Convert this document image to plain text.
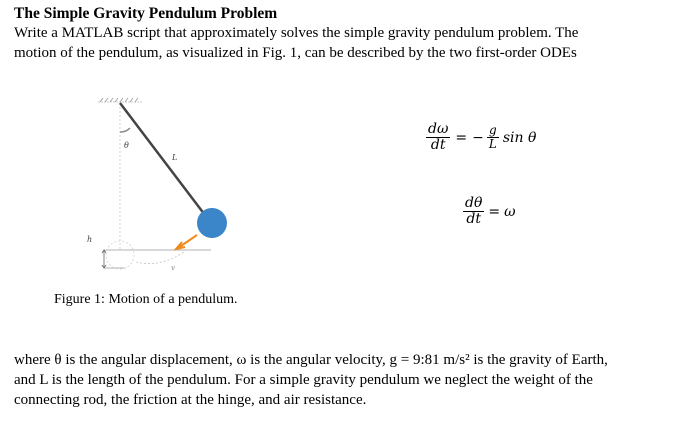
The Simple Gravity Pendulum Problem
Write a MATLAB script that approximately solves the simple gravity pendulum problem. The
motion of the pendulum, as visualized in Fig. 1, can be described by the two first-order ODEs
θ
L
h
v
Figure 1: Motion of a pendulum.
$\frac{d\omega}{dt}$ = − $\frac{g}{L}$ sin θ
$\frac{d\theta}{dt} = \omega$
where θ is the angular displacement, ω is the angular velocity, g = 9:81 m/s² is the gravity of Earth,
and L is the length of the pendulum. For a simple gravity pendulum we neglect the weight of the
connecting rod, the friction at the hinge, and air resistance.
